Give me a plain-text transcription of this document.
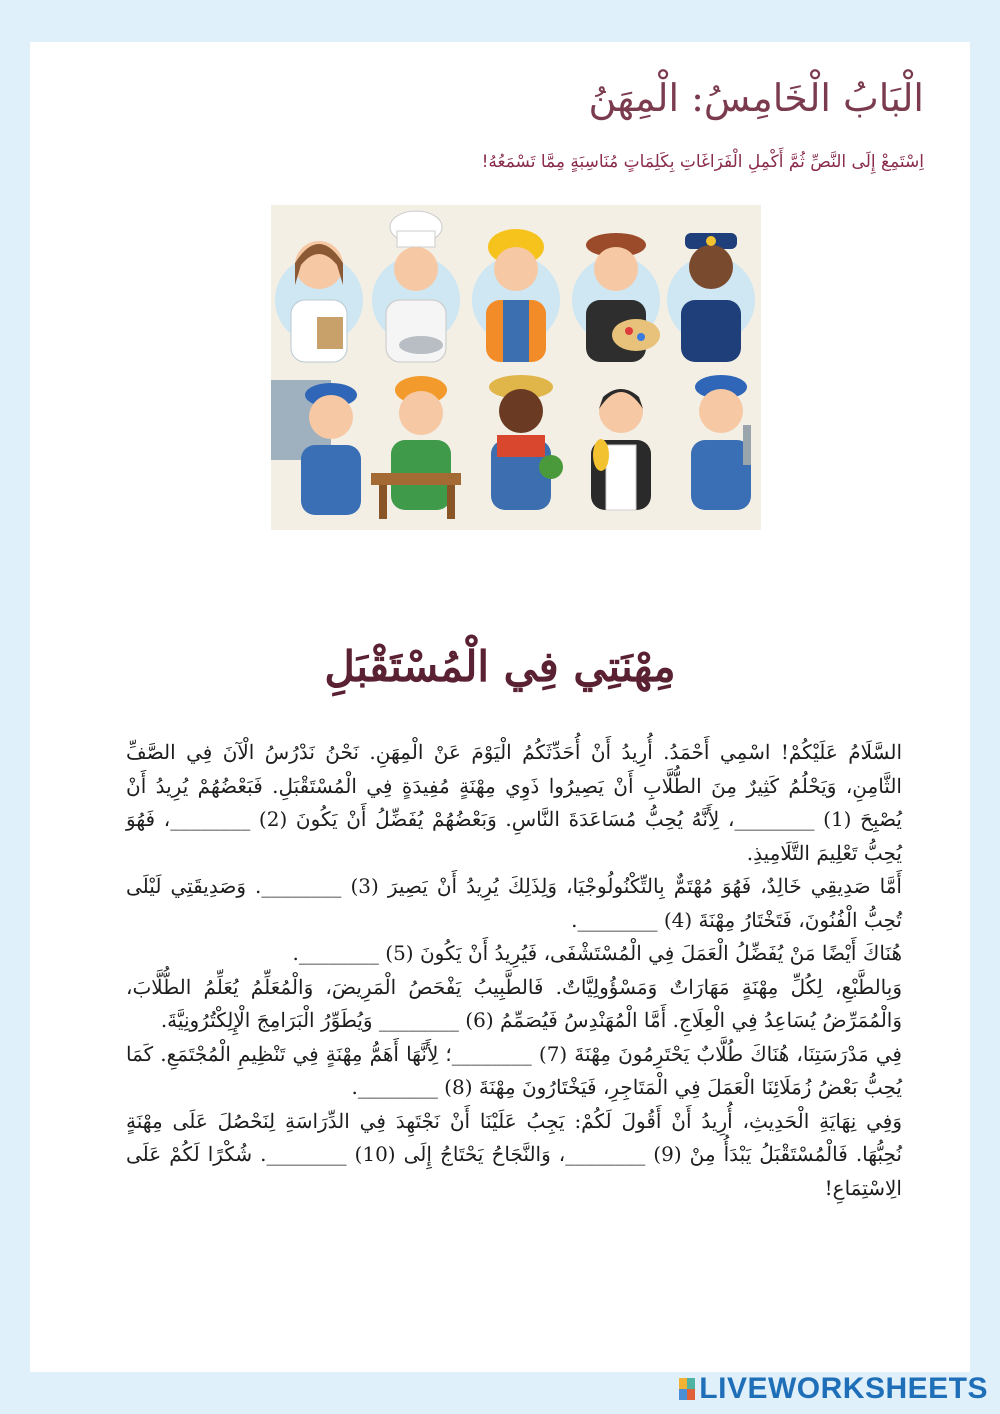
الْبَابُ الْخَامِسُ: الْمِهَنُ

اِسْتَمِعْ إِلَى النَّصِّ ثُمَّ أَكْمِلِ الْفَرَاغَاتِ بِكَلِمَاتٍ مُنَاسِبَةٍ مِمَّا تَسْمَعُهُ!

مِهْنَتِي فِي الْمُسْتَقْبَلِ

السَّلَامُ عَلَيْكُمْ! اسْمِي أَحْمَدُ. أُرِيدُ أَنْ أُحَدِّثَكُمُ الْيَوْمَ عَنْ الْمِهَنِ. نَحْنُ نَدْرُسُ الْآنَ فِي الصَّفِّ الثَّامِنِ، وَيَحْلُمُ كَثِيرٌ مِنَ الطُّلَّابِ أَنْ يَصِيرُوا ذَوِي مِهْنَةٍ مُفِيدَةٍ فِي الْمُسْتَقْبَلِ. فَبَعْضُهُمْ يُرِيدُ أَنْ يُصْبِحَ (1) ________، لِأَنَّهُ يُحِبُّ مُسَاعَدَةَ النَّاسِ. وَبَعْضُهُمْ يُفَضِّلُ أَنْ يَكُونَ (2) ________، فَهُوَ يُحِبُّ تَعْلِيمَ التَّلَامِيذِ.

أَمَّا صَدِيقِي خَالِدٌ، فَهُوَ مُهْتَمٌّ بِالتِّكْنُولُوجْيَا، وَلِذَلِكَ يُرِيدُ أَنْ يَصِيرَ (3) ________. وَصَدِيقَتِي لَيْلَى تُحِبُّ الْفُنُونَ، فَتَخْتَارُ مِهْنَةَ (4) ________.

هُنَاكَ أَيْضًا مَنْ يُفَضِّلُ الْعَمَلَ فِي الْمُسْتَشْفَى، فَيُرِيدُ أَنْ يَكُونَ (5) ________.

وَبِالطَّبْعِ، لِكُلِّ مِهْنَةٍ مَهَارَاتٌ وَمَسْؤُولِيَّاتٌ. فَالطَّبِيبُ يَفْحَصُ الْمَرِيضَ، وَالْمُعَلِّمُ يُعَلِّمُ الطُّلَّابَ، وَالْمُمَرِّضُ يُسَاعِدُ فِي الْعِلَاجِ. أَمَّا الْمُهَنْدِسُ فَيُصَمِّمُ (6) ________ وَيُطَوِّرُ الْبَرَامِجَ الْإِلِكْتُرُونِيَّةَ.

فِي مَدْرَسَتِنَا، هُنَاكَ طُلَّابٌ يَحْتَرِمُونَ مِهْنَةَ (7) ________؛ لِأَنَّهَا أَهَمُّ مِهْنَةٍ فِي تَنْظِيمِ الْمُجْتَمَعِ. كَمَا يُحِبُّ بَعْضُ زُمَلَائِنَا الْعَمَلَ فِي الْمَتَاجِرِ، فَيَخْتَارُونَ مِهْنَةَ (8) ________.

وَفِي نِهَايَةِ الْحَدِيثِ، أُرِيدُ أَنْ أَقُولَ لَكُمْ: يَجِبُ عَلَيْنَا أَنْ نَجْتَهِدَ فِي الدِّرَاسَةِ لِنَحْصُلَ عَلَى مِهْنَةٍ نُحِبُّهَا. فَالْمُسْتَقْبَلُ يَبْدَأُ مِنْ (9) ________، وَالنَّجَاحُ يَحْتَاجُ إِلَى (10) ________. شُكْرًا لَكُمْ عَلَى الِاسْتِمَاعِ!

LIVEWORKSHEETS
